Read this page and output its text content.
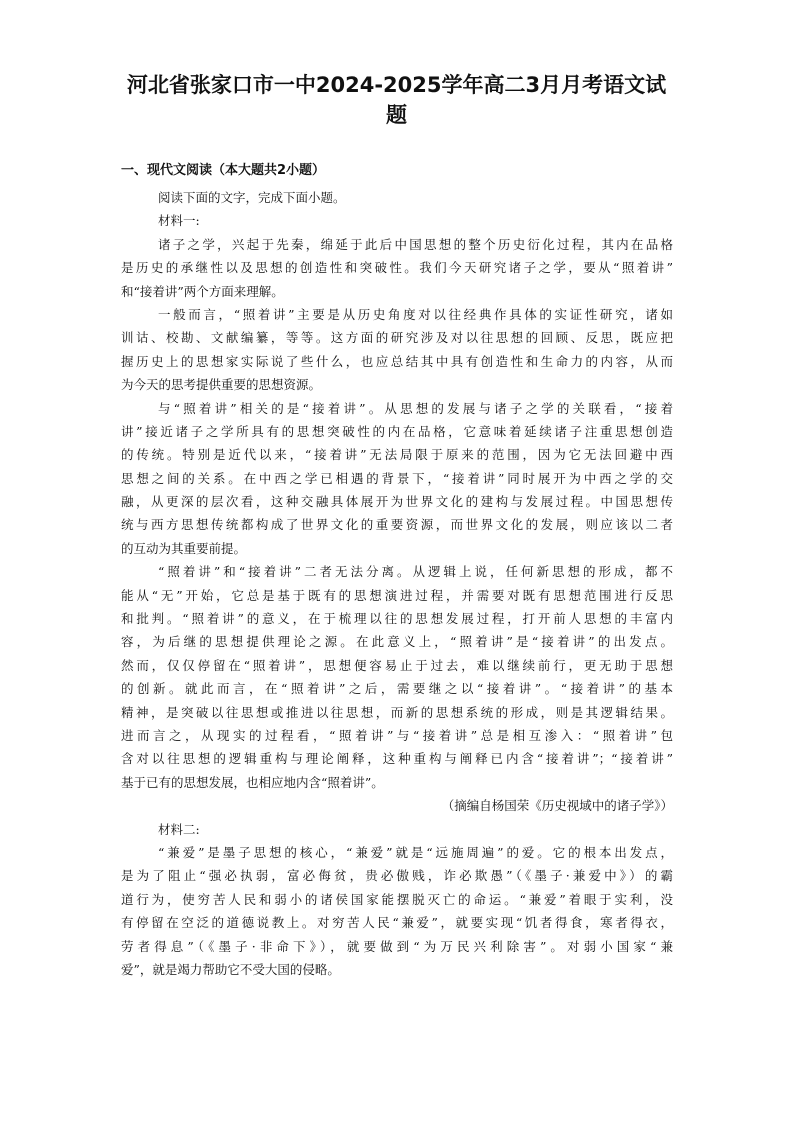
河北省张家口市一中2024-2025学年高二3月月考语文试
题
一、现代文阅读（本大题共2小题）
阅读下面的文字，完成下面小题。
材料一:
诸子之学，兴起于先秦，绵延于此后中国思想的整个历史衍化过程，其内在品格
是历史的承继性以及思想的创造性和突破性。我们今天研究诸子之学，要从“照着讲”
和“接着讲”两个方面来理解。
一般而言，“照着讲”主要是从历史角度对以往经典作具体的实证性研究，诸如
训诂、校勘、文献编纂，等等。这方面的研究涉及对以往思想的回顾、反思，既应把
握历史上的思想家实际说了些什么，也应总结其中具有创造性和生命力的内容，从而
为今天的思考提供重要的思想资源。
与“照着讲”相关的是“接着讲”。从思想的发展与诸子之学的关联看，“接着
讲”接近诸子之学所具有的思想突破性的内在品格，它意味着延续诸子注重思想创造
的传统。特别是近代以来，“接着讲”无法局限于原来的范围，因为它无法回避中西
思想之间的关系。在中西之学已相遇的背景下，“接着讲”同时展开为中西之学的交
融，从更深的层次看，这种交融具体展开为世界文化的建构与发展过程。中国思想传
统与西方思想传统都构成了世界文化的重要资源，而世界文化的发展，则应该以二者
的互动为其重要前提。
“照着讲”和“接着讲”二者无法分离。从逻辑上说，任何新思想的形成，都不
能从“无”开始，它总是基于既有的思想演进过程，并需要对既有思想范围进行反思
和批判。“照着讲”的意义，在于梳理以往的思想发展过程，打开前人思想的丰富内
容，为后继的思想提供理论之源。在此意义上，“照着讲”是“接着讲”的出发点。
然而，仅仅停留在“照着讲”，思想便容易止于过去，难以继续前行，更无助于思想
的创新。就此而言，在“照着讲”之后，需要继之以“接着讲”。“接着讲”的基本
精神，是突破以往思想或推进以往思想，而新的思想系统的形成，则是其逻辑结果。
进而言之，从现实的过程看，“照着讲”与“接着讲”总是相互渗入：“照着讲”包
含对以往思想的逻辑重构与理论阐释，这种重构与阐释已内含“接着讲”；“接着讲”
基于已有的思想发展，也相应地内含“照着讲”。
（摘编自杨国荣《历史视域中的诸子学》）
材料二:
“兼爱”是墨子思想的核心，“兼爱”就是“远施周遍”的爱。它的根本出发点，
是为了阻止“强必执弱，富必侮贫，贵必傲贱，诈必欺愚”（《墨子·兼爱中》）的霸
道行为，使穷苦人民和弱小的诸侯国家能摆脱灭亡的命运。“兼爱”着眼于实利，没
有停留在空泛的道德说教上。对穷苦人民“兼爱”，就要实现“饥者得食，寒者得衣，
劳者得息”（《墨子·非命下》），就要做到“为万民兴利除害”。对弱小国家“兼
爱”，就是竭力帮助它不受大国的侵略。
